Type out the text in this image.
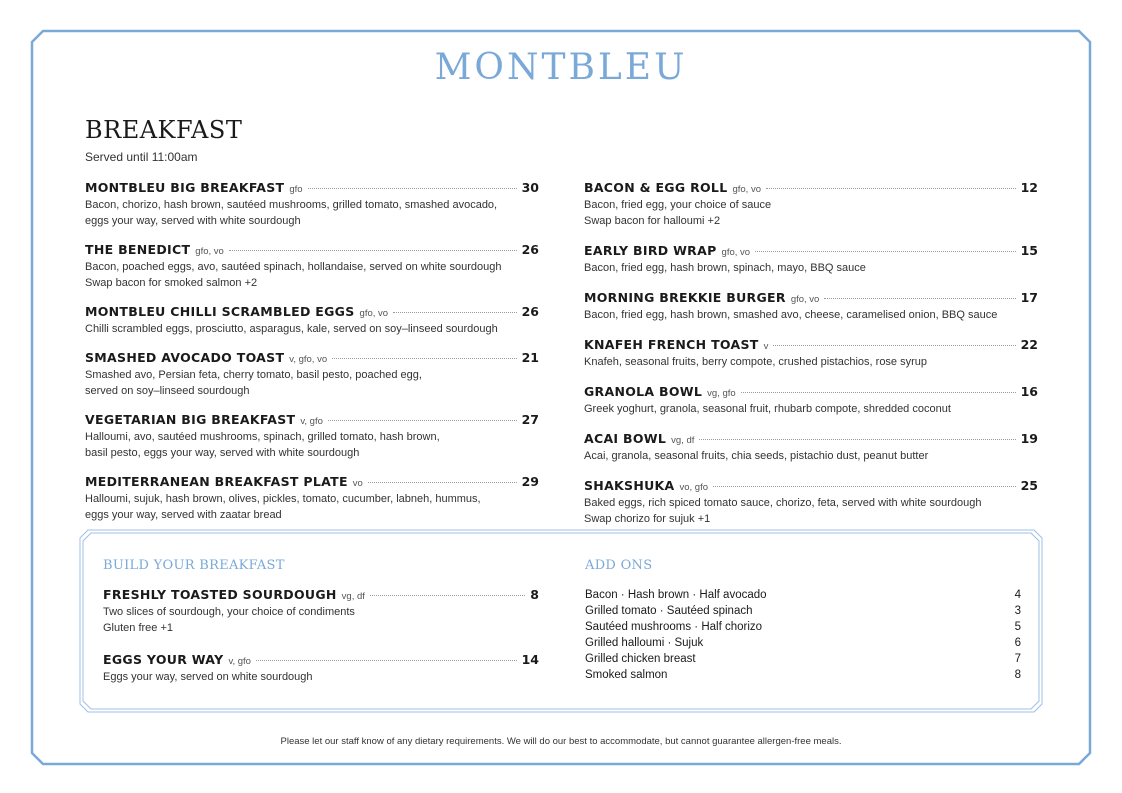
MONTBLEU
BREAKFAST
Served until 11:00am
MONTBLEU BIG BREAKFAST gfo	30
Bacon, chorizo, hash brown, sautéed mushrooms, grilled tomato, smashed avocado,
eggs your way, served with white sourdough
THE BENEDICT gfo, vo	26
Bacon, poached eggs, avo, sautéed spinach, hollandaise, served on white sourdough
Swap bacon for smoked salmon +2
MONTBLEU CHILLI SCRAMBLED EGGS gfo, vo	26
Chilli scrambled eggs, prosciutto, asparagus, kale, served on soy–linseed sourdough
SMASHED AVOCADO TOAST v, gfo, vo	21
Smashed avo, Persian feta, cherry tomato, basil pesto, poached egg,
served on soy–linseed sourdough
VEGETARIAN BIG BREAKFAST v, gfo	27
Halloumi, avo, sautéed mushrooms, spinach, grilled tomato, hash brown,
basil pesto, eggs your way, served with white sourdough
MEDITERRANEAN BREAKFAST PLATE vo	29
Halloumi, sujuk, hash brown, olives, pickles, tomato, cucumber, labneh, hummus,
eggs your way, served with zaatar bread
BACON & EGG ROLL gfo, vo	12
Bacon, fried egg, your choice of sauce
Swap bacon for halloumi +2
EARLY BIRD WRAP gfo, vo	15
Bacon, fried egg, hash brown, spinach, mayo, BBQ sauce
MORNING BREKKIE BURGER gfo, vo	17
Bacon, fried egg, hash brown, smashed avo, cheese, caramelised onion, BBQ sauce
KNAFEH FRENCH TOAST v	22
Knafeh, seasonal fruits, berry compote, crushed pistachios, rose syrup
GRANOLA BOWL vg, gfo	16
Greek yoghurt, granola, seasonal fruit, rhubarb compote, shredded coconut
ACAI BOWL vg, df	19
Acai, granola, seasonal fruits, chia seeds, pistachio dust, peanut butter
SHAKSHUKA vo, gfo	25
Baked eggs, rich spiced tomato sauce, chorizo, feta, served with white sourdough
Swap chorizo for sujuk +1
BUILD YOUR BREAKFAST
FRESHLY TOASTED SOURDOUGH vg, df	8
Two slices of sourdough, your choice of condiments
Gluten free +1
EGGS YOUR WAY v, gfo	14
Eggs your way, served on white sourdough
ADD ONS
Bacon · Hash brown · Half avocado	4
Grilled tomato · Sautéed spinach	3
Sautéed mushrooms · Half chorizo	5
Grilled halloumi · Sujuk	6
Grilled chicken breast	7
Smoked salmon	8
Please let our staff know of any dietary requirements. We will do our best to accommodate, but cannot guarantee allergen-free meals.
